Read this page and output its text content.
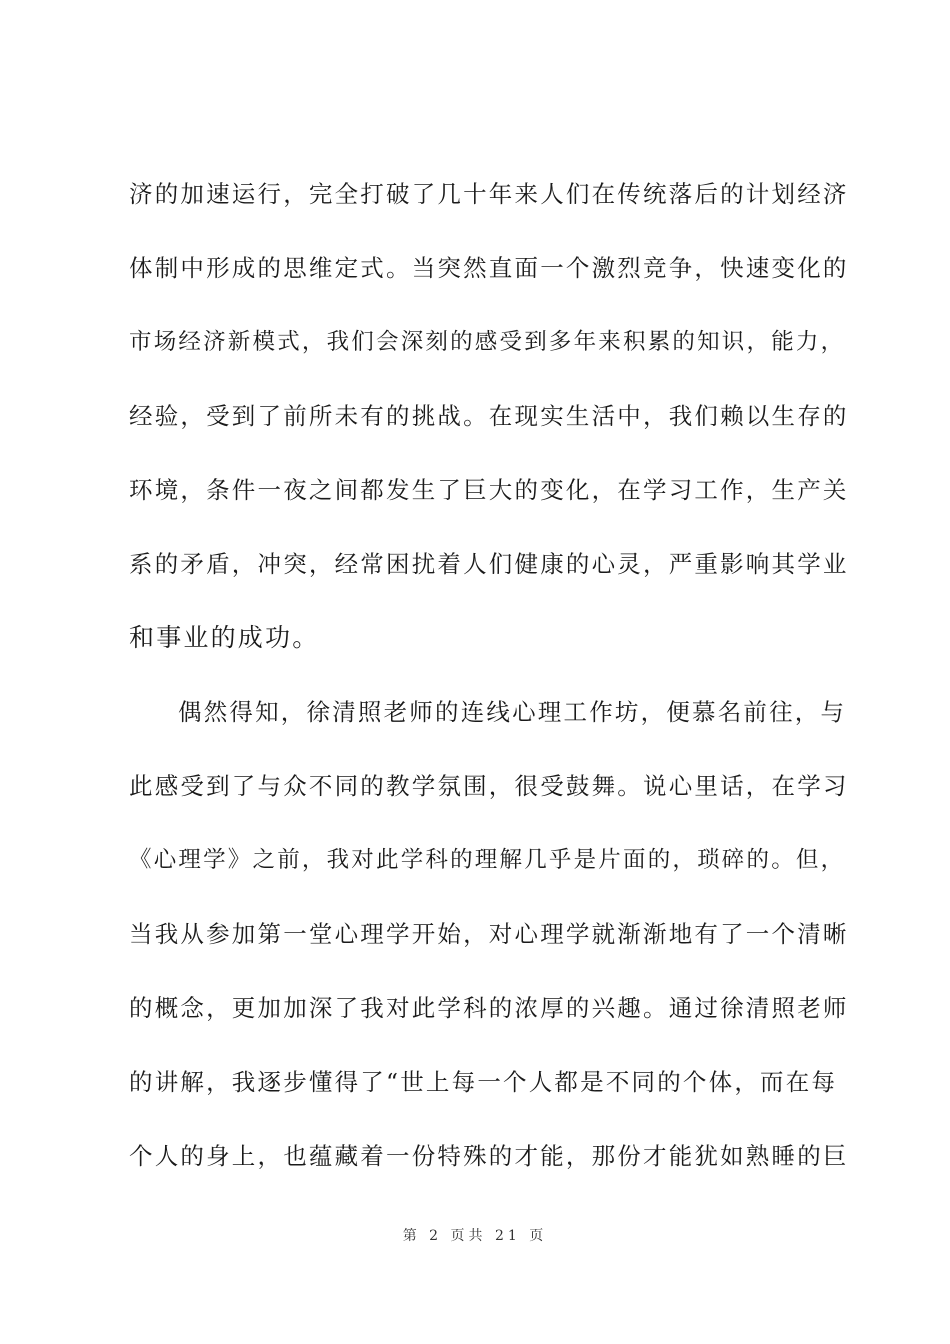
济的加速运行，完全打破了几十年来人们在传统落后的计划经济
体制中形成的思维定式。当突然直面一个激烈竞争，快速变化的
市场经济新模式，我们会深刻的感受到多年来积累的知识，能力，
经验，受到了前所未有的挑战。在现实生活中，我们赖以生存的
环境，条件一夜之间都发生了巨大的变化，在学习工作，生产关
系的矛盾，冲突，经常困扰着人们健康的心灵，严重影响其学业
和事业的成功。
偶然得知，徐清照老师的连线心理工作坊，便慕名前往，与
此感受到了与众不同的教学氛围，很受鼓舞。说心里话，在学习
《心理学》之前，我对此学科的理解几乎是片面的，琐碎的。但，
当我从参加第一堂心理学开始，对心理学就渐渐地有了一个清晰
的概念，更加加深了我对此学科的浓厚的兴趣。通过徐清照老师
的讲解，我逐步懂得了“世上每一个人都是不同的个体，而在每
个人的身上，也蕴藏着一份特殊的才能，那份才能犹如熟睡的巨
第 2 页共 21 页
